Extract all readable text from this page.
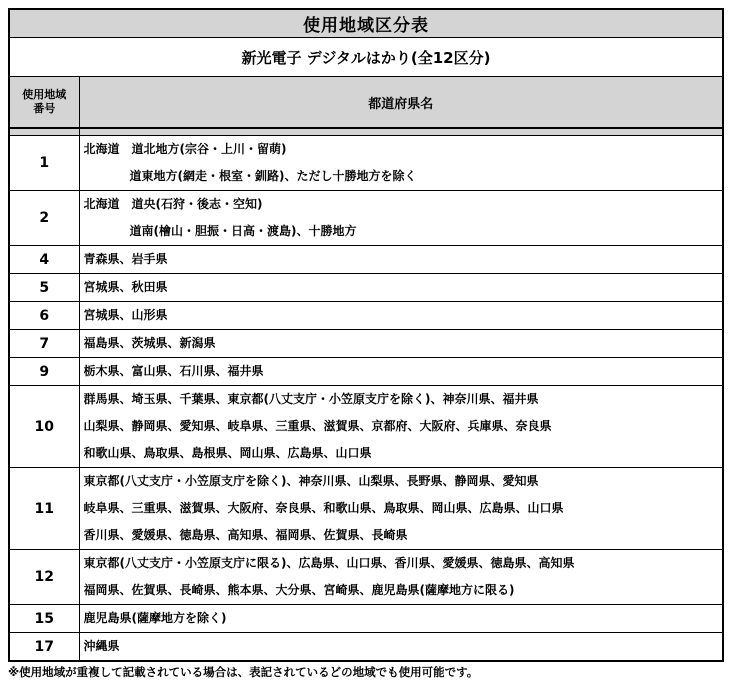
使用地域区分表	
新光電子 デジタルはかり(全12区分)	

使用地域
番号	都道府県名

1	北海道　道北地方(宗谷・上川・留萌)
道東地方(網走・根室・釧路)、ただし十勝地方を除く

2	北海道　道央(石狩・後志・空知)
道南(檜山・胆振・日高・渡島)、十勝地方

4	青森県、岩手県

5	宮城県、秋田県

6	宮城県、山形県

7	福島県、茨城県、新潟県

9	栃木県、富山県、石川県、福井県

10	群馬県、埼玉県、千葉県、東京都(八丈支庁・小笠原支庁を除く)、神奈川県、福井県
山梨県、静岡県、愛知県、岐阜県、三重県、滋賀県、京都府、大阪府、兵庫県、奈良県
和歌山県、鳥取県、島根県、岡山県、広島県、山口県

11	東京都(八丈支庁・小笠原支庁を除く)、神奈川県、山梨県、長野県、静岡県、愛知県
岐阜県、三重県、滋賀県、大阪府、奈良県、和歌山県、鳥取県、岡山県、広島県、山口県
香川県、愛媛県、徳島県、高知県、福岡県、佐賀県、長崎県

12	東京都(八丈支庁・小笠原支庁に限る)、広島県、山口県、香川県、愛媛県、徳島県、高知県
福岡県、佐賀県、長崎県、熊本県、大分県、宮崎県、鹿児島県(薩摩地方に限る)

15	鹿児島県(薩摩地方を除く)

17	沖縄県
※使用地域が重複して記載されている場合は、表記されているどの地域でも使用可能です。
